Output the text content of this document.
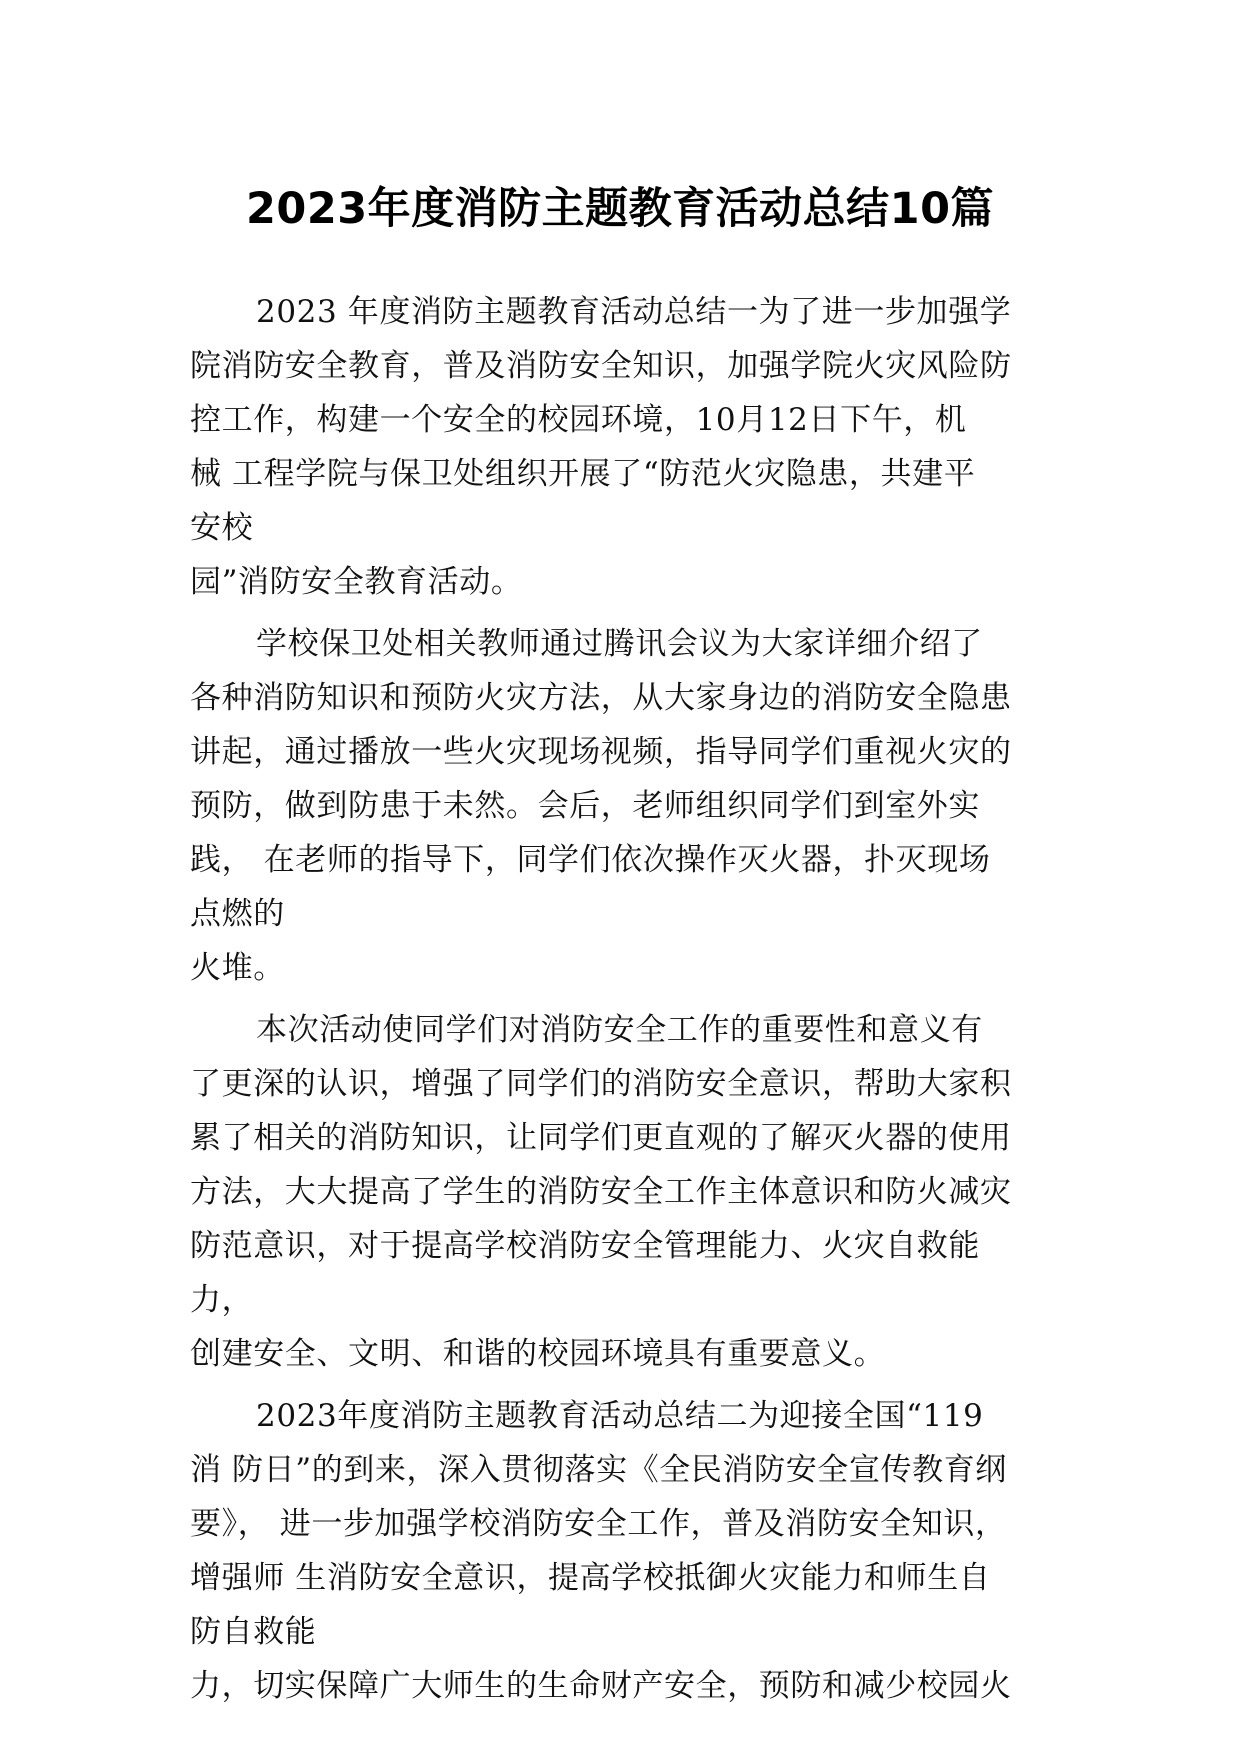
2023年度消防主题教育活动总结10篇
2023 年度消防主题教育活动总结一为了进一步加强学
院消防安全教育，普及消防安全知识，加强学院火灾风险防
控工作，构建一个安全的校园环境，10月12日下午，机
械 工程学院与保卫处组织开展了“防范火灾隐患，共建平
安校
园”消防安全教育活动。
学校保卫处相关教师通过腾讯会议为大家详细介绍了
各种消防知识和预防火灾方法，从大家身边的消防安全隐患
讲起，通过播放一些火灾现场视频，指导同学们重视火灾的
预防，做到防患于未然。会后，老师组织同学们到室外实
践， 在老师的指导下，同学们依次操作灭火器，扑灭现场
点燃的
火堆。
本次活动使同学们对消防安全工作的重要性和意义有
了更深的认识，增强了同学们的消防安全意识，帮助大家积
累了相关的消防知识，让同学们更直观的了解灭火器的使用
方法，大大提高了学生的消防安全工作主体意识和防火减灾
防范意识，对于提高学校消防安全管理能力、火灾自救能
力，
创建安全、文明、和谐的校园环境具有重要意义。
2023年度消防主题教育活动总结二为迎接全国“119
消 防日”的到来，深入贯彻落实《全民消防安全宣传教育纲
要》， 进一步加强学校消防安全工作，普及消防安全知识，
增强师 生消防安全意识，提高学校抵御火灾能力和师生自
防自救能
力，切实保障广大师生的生命财产安全，预防和减少校园火
